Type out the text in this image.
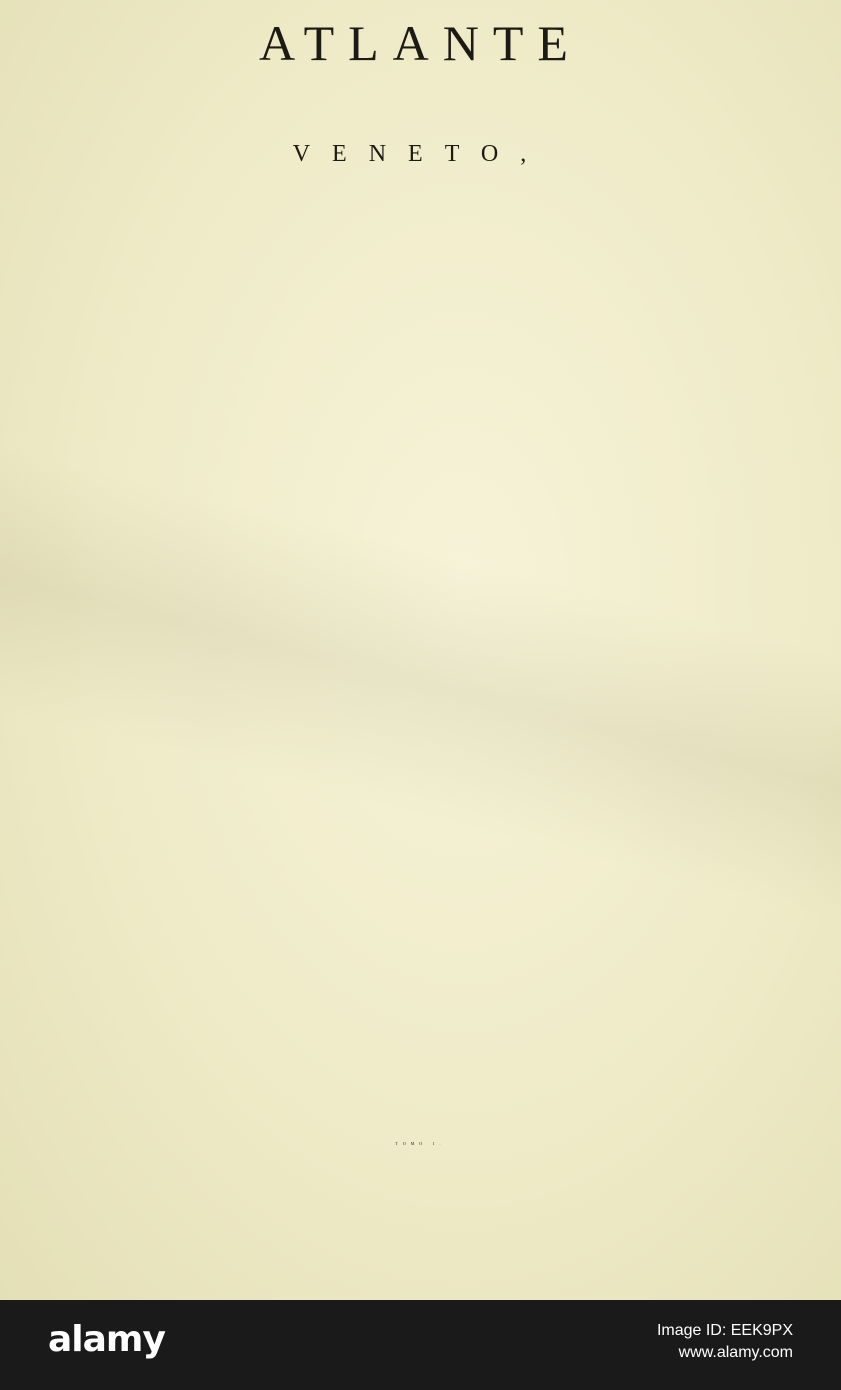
ATLANTE
VENETO,
TOMO I.
alamy	Image ID: EEK9PX
www.alamy.com
